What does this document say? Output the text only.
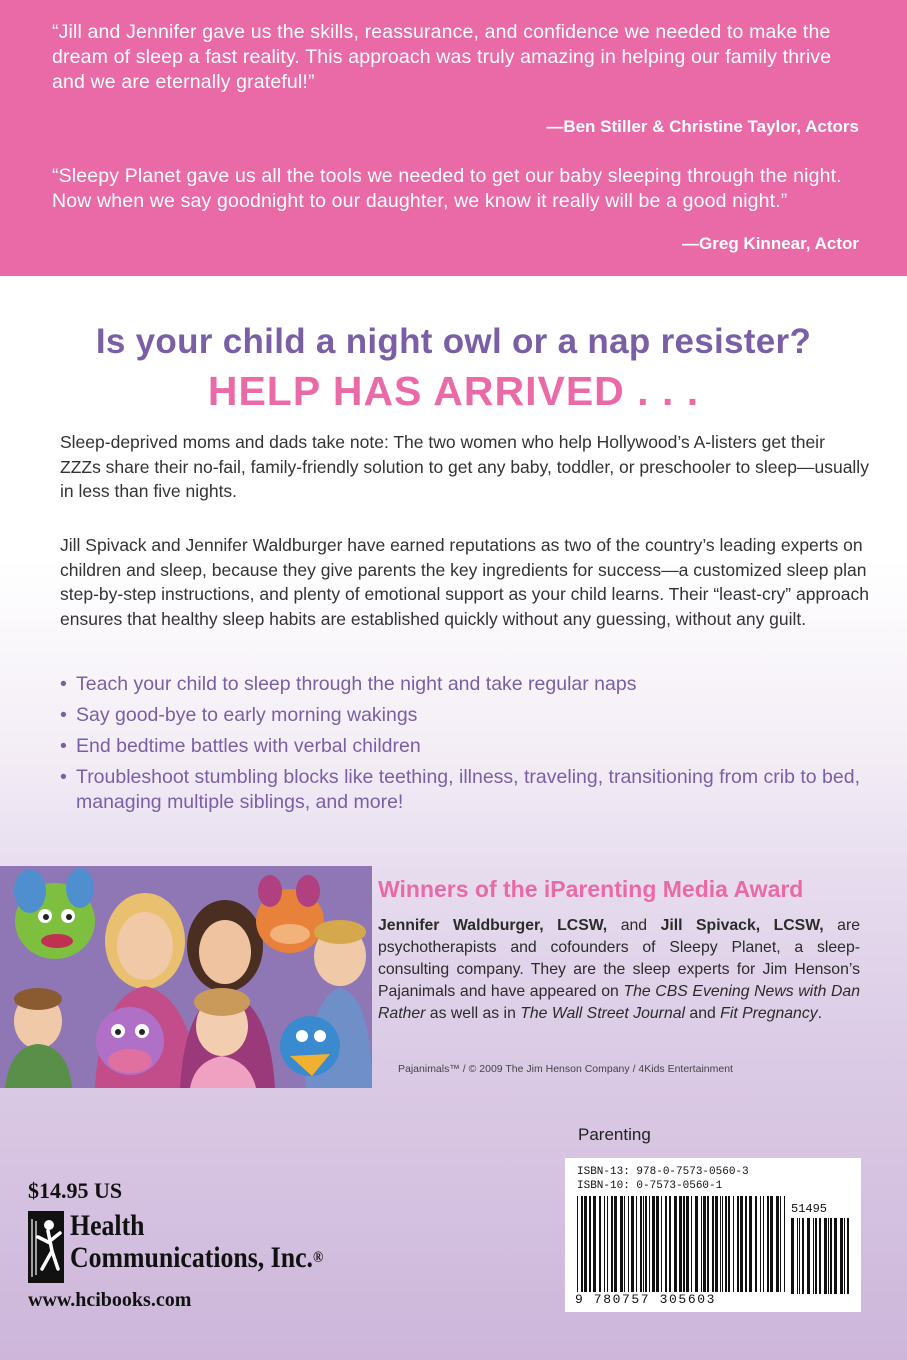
“Jill and Jennifer gave us the skills, reassurance, and confidence we needed to make the dream of sleep a fast reality. This approach was truly amazing in helping our family thrive and we are eternally grateful!”

—Ben Stiller & Christine Taylor, Actors

“Sleepy Planet gave us all the tools we needed to get our baby sleeping through the night. Now when we say goodnight to our daughter, we know it really will be a good night.”

—Greg Kinnear, Actor

Is your child a night owl or a nap resister?
HELP HAS ARRIVED . . .

Sleep-deprived moms and dads take note: The two women who help Hollywood’s A-listers get their ZZZs share their no-fail, family-friendly solution to get any baby, toddler, or preschooler to sleep—usually in less than five nights.

Jill Spivack and Jennifer Waldburger have earned reputations as two of the country’s leading experts on children and sleep, because they give parents the key ingredients for success—a customized sleep plan step-by-step instructions, and plenty of emotional support as your child learns. Their “least-cry” approach ensures that healthy sleep habits are established quickly without any guessing, without any guilt.

• Teach your child to sleep through the night and take regular naps
• Say good-bye to early morning wakings
• End bedtime battles with verbal children
• Troubleshoot stumbling blocks like teething, illness, traveling, transitioning from crib to bed, managing multiple siblings, and more!
Winners of the iParenting Media Award

Jennifer Waldburger, LCSW, and Jill Spivack, LCSW, are psychotherapists and cofounders of Sleepy Planet, a sleep-consulting company. They are the sleep experts for Jim Henson’s Pajanimals and have appeared on The CBS Evening News with Dan Rather as well as in The Wall Street Journal and Fit Pregnancy.

Pajanimals™ / © 2009 The Jim Henson Company / 4Kids Entertainment

Parenting

ISBN-13: 978-0-7573-0560-3

ISBN-10: 0-7573-0560-1

51495

9 780757 305603

$14.95 US

Health
Communications, Inc.®

www.hcibooks.com
